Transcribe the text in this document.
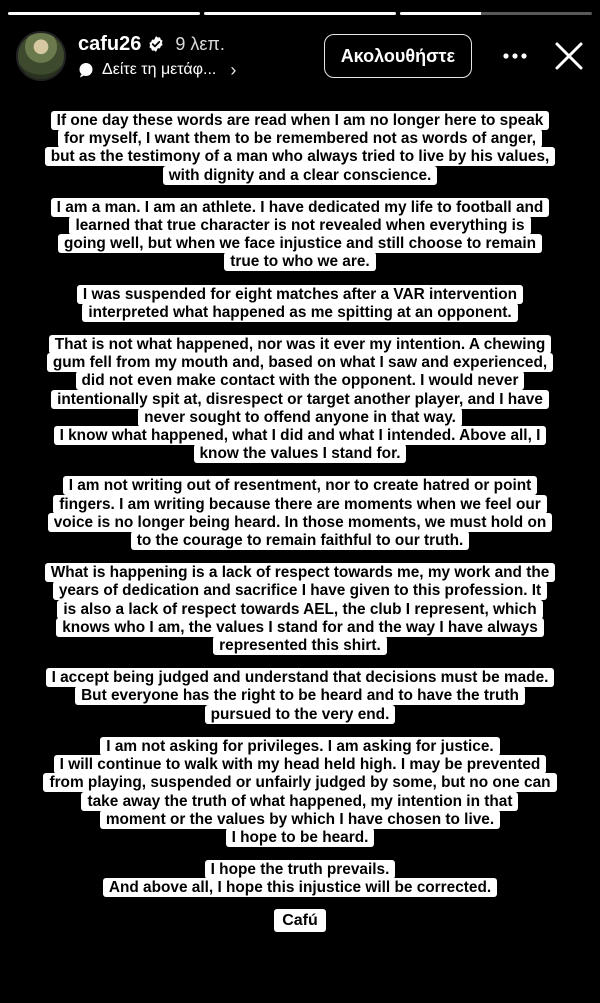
cafu26 9 λεπ.
Δείτε τη μετάφ... ›
Ακολουθήστε
If one day these words are read when I am no longer here to speak
for myself, I want them to be remembered not as words of anger,
but as the testimony of a man who always tried to live by his values,
with dignity and a clear conscience.
I am a man. I am an athlete. I have dedicated my life to football and
learned that true character is not revealed when everything is
going well, but when we face injustice and still choose to remain
true to who we are.
I was suspended for eight matches after a VAR intervention
interpreted what happened as me spitting at an opponent.
That is not what happened, nor was it ever my intention. A chewing
gum fell from my mouth and, based on what I saw and experienced,
did not even make contact with the opponent. I would never
intentionally spit at, disrespect or target another player, and I have
never sought to offend anyone in that way.
I know what happened, what I did and what I intended. Above all, I
know the values I stand for.
I am not writing out of resentment, nor to create hatred or point
fingers. I am writing because there are moments when we feel our
voice is no longer being heard. In those moments, we must hold on
to the courage to remain faithful to our truth.
What is happening is a lack of respect towards me, my work and the
years of dedication and sacrifice I have given to this profession. It
is also a lack of respect towards AEL, the club I represent, which
knows who I am, the values I stand for and the way I have always
represented this shirt.
I accept being judged and understand that decisions must be made.
But everyone has the right to be heard and to have the truth
pursued to the very end.
I am not asking for privileges. I am asking for justice.
I will continue to walk with my head held high. I may be prevented
from playing, suspended or unfairly judged by some, but no one can
take away the truth of what happened, my intention in that
moment or the values by which I have chosen to live.
I hope to be heard.
I hope the truth prevails.
And above all, I hope this injustice will be corrected.
Cafú
